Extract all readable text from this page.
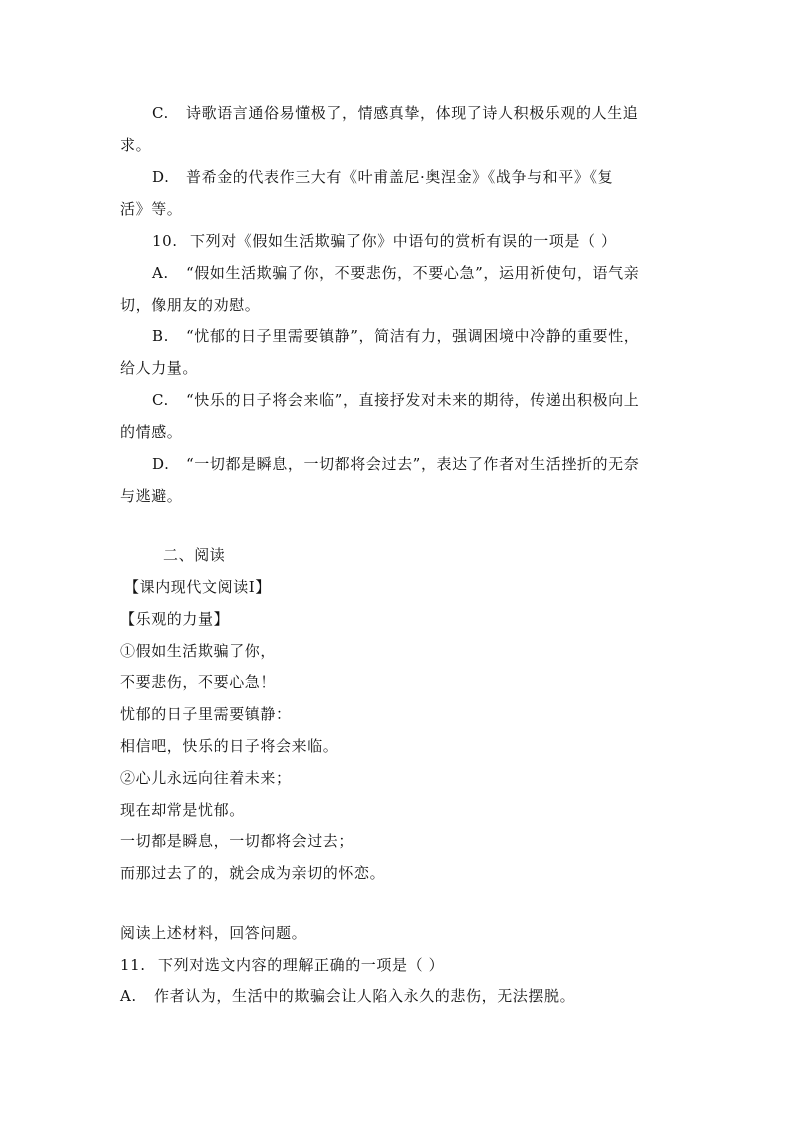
C. 诗歌语言通俗易懂极了，情感真挚，体现了诗人积极乐观的人生追
求。
D. 普希金的代表作三大有《叶甫盖尼·奥涅金》《战争与和平》《复
活》等。
10. 下列对《假如生活欺骗了你》中语句的赏析有误的一项是（ ）
A. “假如生活欺骗了你，不要悲伤，不要心急”，运用祈使句，语气亲
切，像朋友的劝慰。
B. “忧郁的日子里需要镇静”，简洁有力，强调困境中冷静的重要性，
给人力量。
C. “快乐的日子将会来临”，直接抒发对未来的期待，传递出积极向上
的情感。
D. “一切都是瞬息，一切都将会过去”，表达了作者对生活挫折的无奈
与逃避。
二、阅读
【课内现代文阅读Ⅰ】
【乐观的力量】
①假如生活欺骗了你，
不要悲伤，不要心急！
忧郁的日子里需要镇静：
相信吧，快乐的日子将会来临。
②心儿永远向往着未来；
现在却常是忧郁。
一切都是瞬息，一切都将会过去；
而那过去了的，就会成为亲切的怀恋。
阅读上述材料，回答问题。
11. 下列对选文内容的理解正确的一项是（ ）
A. 作者认为，生活中的欺骗会让人陷入永久的悲伤，无法摆脱。
